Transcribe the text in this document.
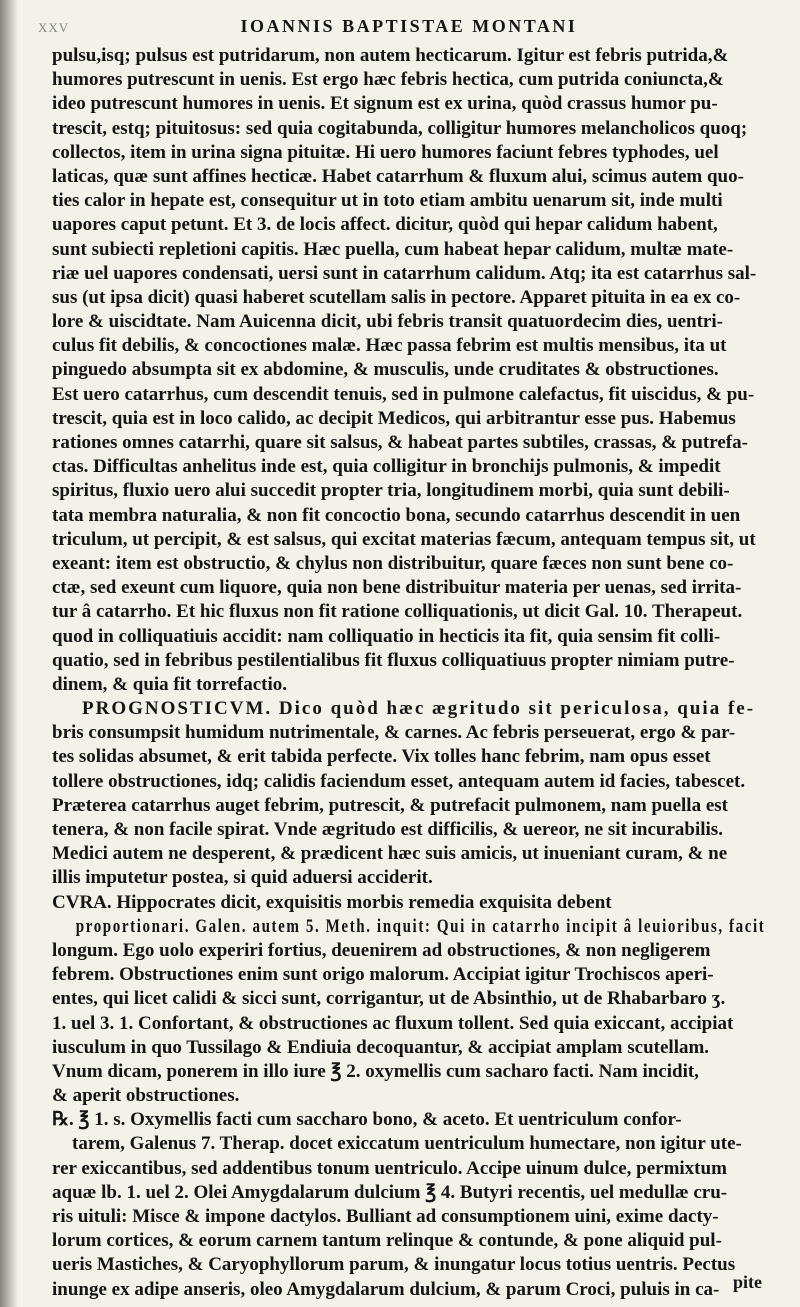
XXV	IOANNIS BAPTISTAE MONTANI
pulsu,isq; pulsus est putridarum, non autem hecticarum. Igitur est febris putrida,&
humores putrescunt in uenis. Est ergo hæc febris hectica, cum putrida coniuncta,&
ideo putrescunt humores in uenis. Et signum est ex urina, quòd crassus humor pu-
trescit, estq; pituitosus: sed quia cogitabunda, colligitur humores melancholicos quoq;
collectos, item in urina signa pituitæ. Hi uero humores faciunt febres typhodes, uel
laticas, quæ sunt affines hecticæ. Habet catarrhum & fluxum alui, scimus autem quo-
ties calor in hepate est, consequitur ut in toto etiam ambitu uenarum sit, inde multi
uapores caput petunt. Et 3. de locis affect. dicitur, quòd qui hepar calidum habent,
sunt subiecti repletioni capitis. Hæc puella, cum habeat hepar calidum, multæ mate-
riæ uel uapores condensati, uersi sunt in catarrhum calidum. Atq; ita est catarrhus sal-
sus (ut ipsa dicit) quasi haberet scutellam salis in pectore. Apparet pituita in ea ex co-
lore & uiscidtate. Nam Auicenna dicit, ubi febris transit quatuordecim dies, uentri-
culus fit debilis, & concoctiones malæ. Hæc passa febrim est multis mensibus, ita ut
pinguedo absumpta sit ex abdomine, & musculis, unde cruditates & obstructiones.
Est uero catarrhus, cum descendit tenuis, sed in pulmone calefactus, fit uiscidus, & pu-
trescit, quia est in loco calido, ac decipit Medicos, qui arbitrantur esse pus. Habemus
rationes omnes catarrhi, quare sit salsus, & habeat partes subtiles, crassas, & putrefa-
ctas. Difficultas anhelitus inde est, quia colligitur in bronchijs pulmonis, & impedit
spiritus, fluxio uero alui succedit propter tria, longitudinem morbi, quia sunt debili-
tata membra naturalia, & non fit concoctio bona, secundo catarrhus descendit in uen
triculum, ut percipit, & est salsus, qui excitat materias fæcum, antequam tempus sit, ut
exeant: item est obstructio, & chylus non distribuitur, quare fæces non sunt bene co-
ctæ, sed exeunt cum liquore, quia non bene distribuitur materia per uenas, sed irrita-
tur â catarrho. Et hic fluxus non fit ratione colliquationis, ut dicit Gal. 10. Therapeut.
quod in colliquatiuis accidit: nam colliquatio in hecticis ita fit, quia sensim fit colli-
quatio, sed in febribus pestilentialibus fit fluxus colliquatiuus propter nimiam putre-
dinem, & quia fit torrefactio.
PROGNOSTICVM. Dico quòd hæc ægritudo sit periculosa, quia fe-
bris consumpsit humidum nutrimentale, & carnes. Ac febris perseuerat, ergo & par-
tes solidas absumet, & erit tabida perfecte. Vix tolles hanc febrim, nam opus esset
tollere obstructiones, idq; calidis faciendum esset, antequam autem id facies, tabescet.
Præterea catarrhus auget febrim, putrescit, & putrefacit pulmonem, nam puella est
tenera, & non facile spirat. Vnde ægritudo est difficilis, & uereor, ne sit incurabilis.
Medici autem ne desperent, & prædicent hæc suis amicis, ut inueniant curam, & ne
illis imputetur postea, si quid aduersi acciderit.
CVRA. Hippocrates dicit, exquisitis morbis remedia exquisita debent
proportionari. Galen. autem 5. Meth. inquit: Qui in catarrho incipit â leuioribus, facit
longum. Ego uolo experiri fortius, deuenirem ad obstructiones, & non negligerem
febrem. Obstructiones enim sunt origo malorum. Accipiat igitur Trochiscos aperi-
entes, qui licet calidi & sicci sunt, corrigantur, ut de Absinthio, ut de Rhabarbaro ʒ.
1. uel 3. 1. Confortant, & obstructiones ac fluxum tollent. Sed quia exiccant, accipiat
iusculum in quo Tussilago & Endiuia decoquantur, & accipiat amplam scutellam.
Vnum dicam, ponerem in illo iure ℥ 2. oxymellis cum sacharo facti. Nam incidit,
& aperit obstructiones.
℞. ℥ 1. s. Oxymellis facti cum saccharo bono, & aceto. Et uentriculum confor-
tarem, Galenus 7. Therap. docet exiccatum uentriculum humectare, non igitur ute-
rer exiccantibus, sed addentibus tonum uentriculo. Accipe uinum dulce, permixtum
aquæ lb. 1. uel 2. Olei Amygdalarum dulcium ℥ 4. Butyri recentis, uel medullæ cru-
ris uituli: Misce & impone dactylos. Bulliant ad consumptionem uini, exime dacty-
lorum cortices, & eorum carnem tantum relinque & contunde, & pone aliquid pul-
ueris Mastiches, & Caryophyllorum parum, & inungatur locus totius uentris. Pectus
inunge ex adipe anseris, oleo Amygdalarum dulcium, & parum Croci, puluis in ca- pite
